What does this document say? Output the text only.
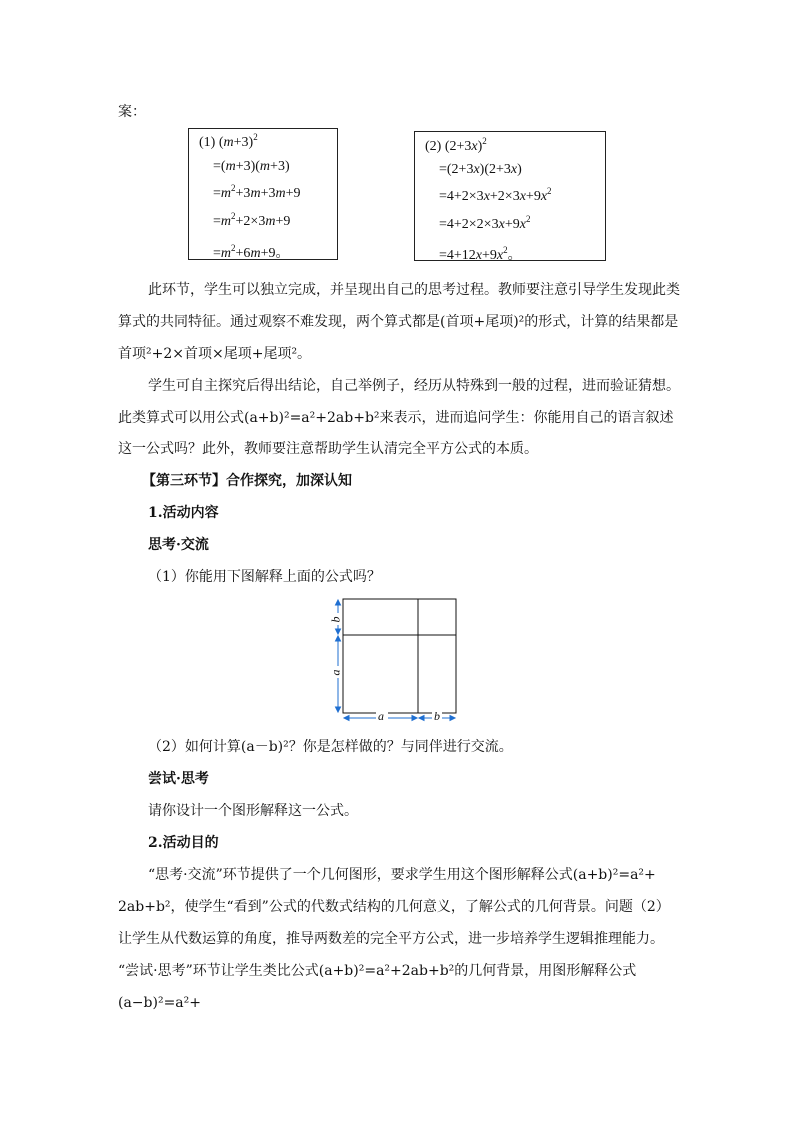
案：
(1) $(m+3)^2$
=(m+3)(m+3)
$=m^2+3m+3m+9$
$=m^2+2\times 3m+9$
$=m^2+6m+9$。
(2) $(2+3x)^2$
=(2+3x)(2+3x)
$=4+2\times 3x+2\times 3x+9x^2$
$=4+2\times 2\times 3x+9x^2$
$=4+12x+9x^2$。
此环节，学生可以独立完成，并呈现出自己的思考过程。教师要注意引导学生发现此类
算式的共同特征。通过观察不难发现，两个算式都是(首项+尾项)²的形式，计算的结果都是
首项²+2×首项×尾项+尾项²。
学生可自主探究后得出结论，自己举例子，经历从特殊到一般的过程，进而验证猜想。
此类算式可以用公式(a+b)²=a²+2ab+b²来表示，进而追问学生：你能用自己的语言叙述
这一公式吗？此外，教师要注意帮助学生认清完全平方公式的本质。
【第三环节】合作探究，加深认知
1.活动内容
思考·交流
（1）你能用下图解释上面的公式吗？
b
a
a	b
（2）如何计算(a－b)²？你是怎样做的？与同伴进行交流。
尝试·思考
请你设计一个图形解释这一公式。
2.活动目的
“思考·交流”环节提供了一个几何图形，要求学生用这个图形解释公式(a+b)²=a²+
2ab+b²，使学生“看到”公式的代数式结构的几何意义，了解公式的几何背景。问题（2）
让学生从代数运算的角度，推导两数差的完全平方公式，进一步培养学生逻辑推理能力。
“尝试·思考”环节让学生类比公式(a+b)²=a²+2ab+b²的几何背景，用图形解释公式
(a−b)²=a²+
